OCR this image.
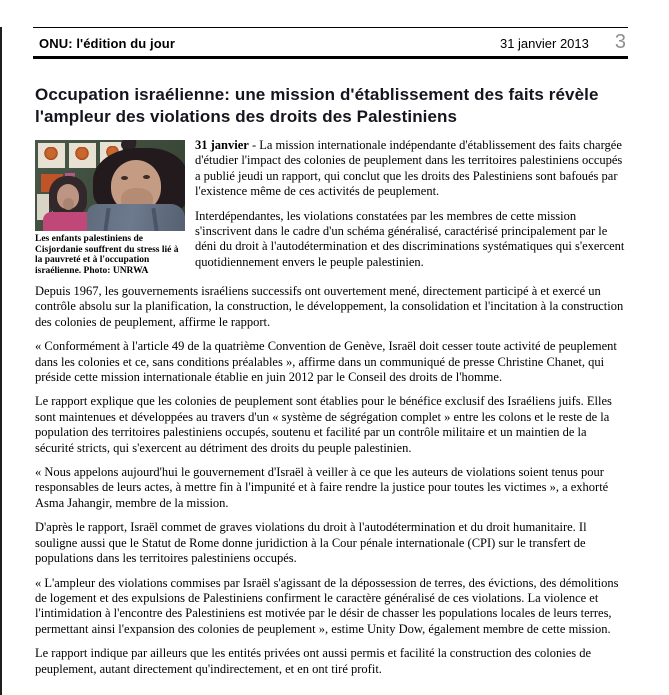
ONU: l'édition du jour	31 janvier 2013 3
Occupation israélienne: une mission d'établissement des faits révèle l'ampleur des violations des droits des Palestiniens
Les enfants palestiniens de Cisjordanie souffrent du stress lié à la pauvreté et à l'occupation israélienne. Photo: UNRWA

31 janvier - La mission internationale indépendante d'établissement des faits chargée d'étudier l'impact des colonies de peuplement dans les territoires palestiniens occupés a publié jeudi un rapport, qui conclut que les droits des Palestiniens sont bafoués par l'existence même de ces activités de peuplement.

Interdépendantes, les violations constatées par les membres de cette mission s'inscrivent dans le cadre d'un schéma généralisé, caractérisé principalement par le déni du droit à l'autodétermination et des discriminations systématiques qui s'exercent quotidiennement envers le peuple palestinien.

Depuis 1967, les gouvernements israéliens successifs ont ouvertement mené, directement participé à et exercé un contrôle absolu sur la planification, la construction, le développement, la consolidation et l'incitation à la construction des colonies de peuplement, affirme le rapport.

« Conformément à l'article 49 de la quatrième Convention de Genève, Israël doit cesser toute activité de peuplement dans les colonies et ce, sans conditions préalables », affirme dans un communiqué de presse Christine Chanet, qui préside cette mission internationale établie en juin 2012 par le Conseil des droits de l'homme.

Le rapport explique que les colonies de peuplement sont établies pour le bénéfice exclusif des Israéliens juifs. Elles sont maintenues et développées au travers d'un « système de ségrégation complet » entre les colons et le reste de la population des territoires palestiniens occupés, soutenu et facilité par un contrôle militaire et un maintien de la sécurité stricts, qui s'exercent au détriment des droits du peuple palestinien.

« Nous appelons aujourd'hui le gouvernement d'Israël à veiller à ce que les auteurs de violations soient tenus pour responsables de leurs actes, à mettre fin à l'impunité et à faire rendre la justice pour toutes les victimes », a exhorté Asma Jahangir, membre de la mission.

D'après le rapport, Israël commet de graves violations du droit à l'autodétermination et du droit humanitaire. Il souligne aussi que le Statut de Rome donne juridiction à la Cour pénale internationale (CPI) sur le transfert de populations dans les territoires palestiniens occupés.

« L'ampleur des violations commises par Israël s'agissant de la dépossession de terres, des évictions, des démolitions de logement et des expulsions de Palestiniens confirment le caractère généralisé de ces violations. La violence et l'intimidation à l'encontre des Palestiniens est motivée par le désir de chasser les populations locales de leurs terres, permettant ainsi l'expansion des colonies de peuplement », estime Unity Dow, également membre de cette mission.

Le rapport indique par ailleurs que les entités privées ont aussi permis et facilité la construction des colonies de peuplement, autant directement qu'indirectement, et en ont tiré profit.
